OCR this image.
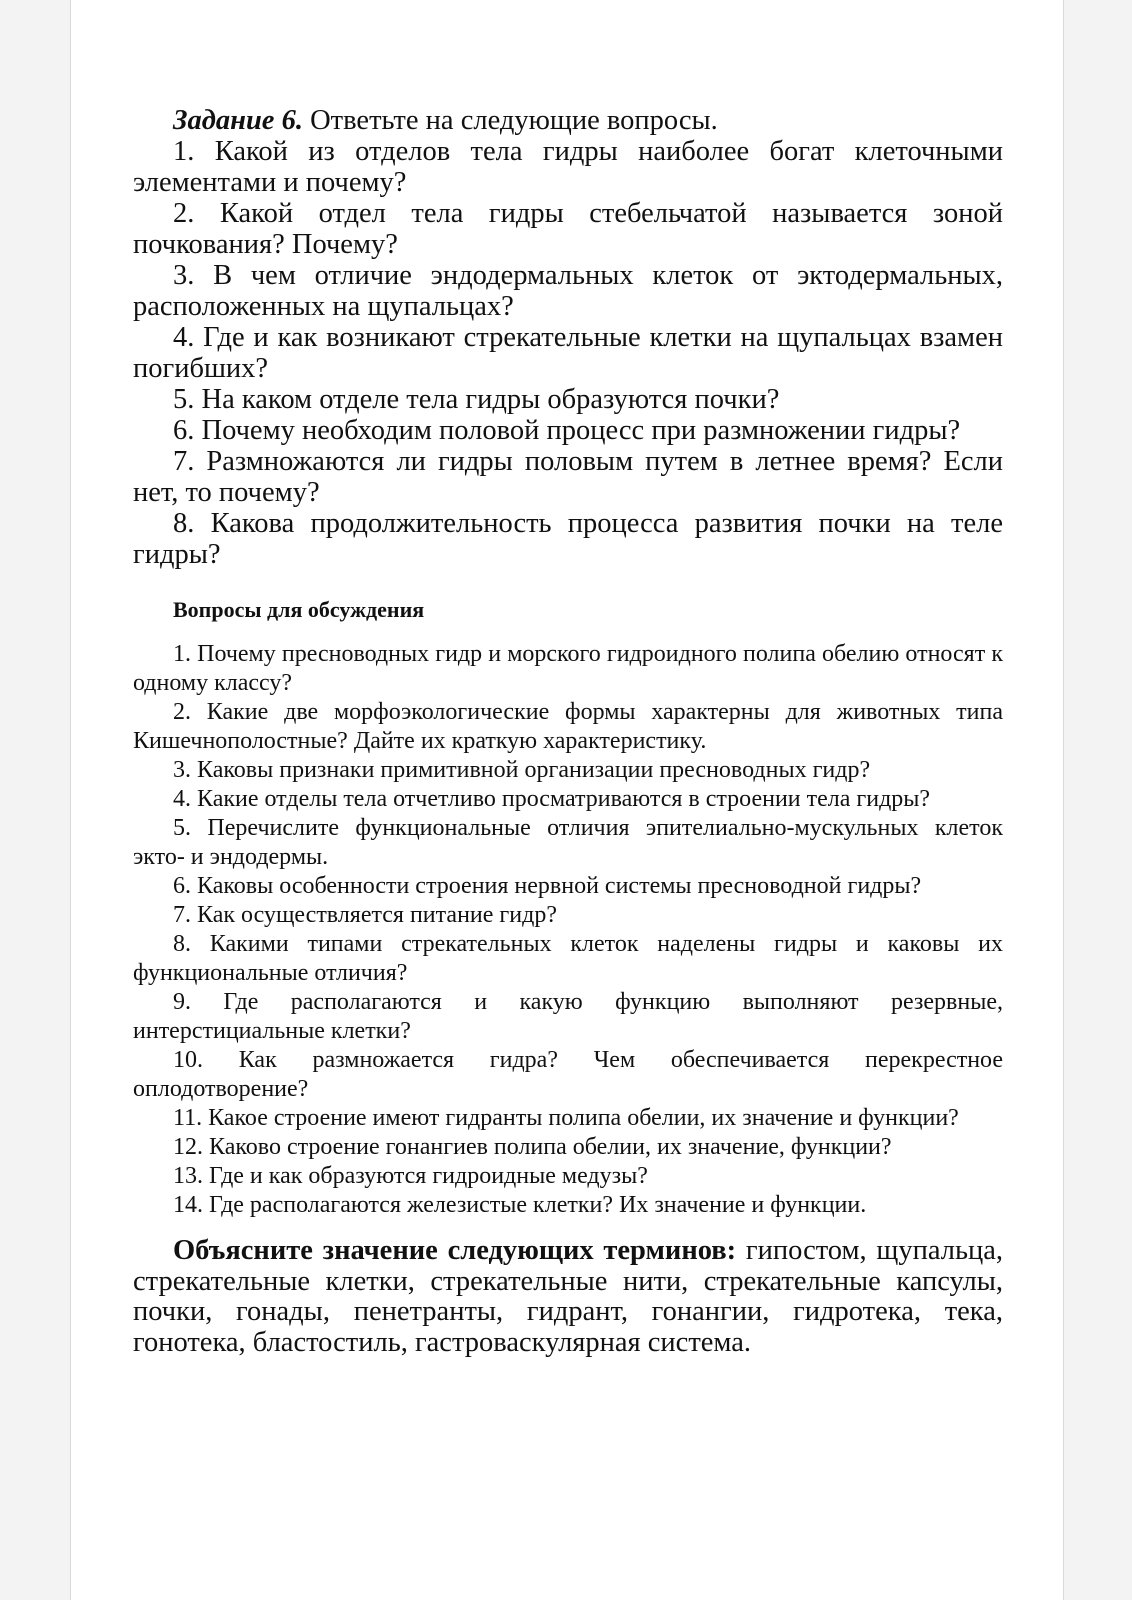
Задание 6. Ответьте на следующие вопросы.

1. Какой из отделов тела гидры наиболее богат клеточными элементами и почему?

2. Какой отдел тела гидры стебельчатой называется зоной почкования? Почему?

3. В чем отличие эндодермальных клеток от эктодермальных, расположенных на щупальцах?

4. Где и как возникают стрекательные клетки на щупальцах взамен погибших?

5. На каком отделе тела гидры образуются почки?

6. Почему необходим половой процесс при размножении гидры?

7. Размножаются ли гидры половым путем в летнее время? Если нет, то почему?

8. Какова продолжительность процесса развития почки на теле гидры?

Вопросы для обсуждения

1. Почему пресноводных гидр и морского гидроидного полипа обелию относят к одному классу?

2. Какие две морфоэкологические формы характерны для животных типа Кишечнополостные? Дайте их краткую характеристику.

3. Каковы признаки примитивной организации пресноводных гидр?

4. Какие отделы тела отчетливо просматриваются в строении тела гидры?

5. Перечислите функциональные отличия эпителиально-мускульных клеток экто- и эндодермы.

6. Каковы особенности строения нервной системы пресноводной гидры?

7. Как осуществляется питание гидр?

8. Какими типами стрекательных клеток наделены гидры и каковы их функциональные отличия?

9. Где располагаются и какую функцию выполняют резервные, интерстициальные клетки?

10. Как размножается гидра? Чем обеспечивается перекрестное оплодотворение?

11. Какое строение имеют гидранты полипа обелии, их значение и функции?

12. Каково строение гонангиев полипа обелии, их значение, функции?

13. Где и как образуются гидроидные медузы?

14. Где располагаются железистые клетки? Их значение и функции.

Объясните значение следующих терминов: гипостом, щупальца, стрекательные клетки, стрекательные нити, стрекательные капсулы, почки, гонады, пенетранты, гидрант, гонангии, гидротека, тека, гонотека, бластостиль, гастроваскулярная система.
